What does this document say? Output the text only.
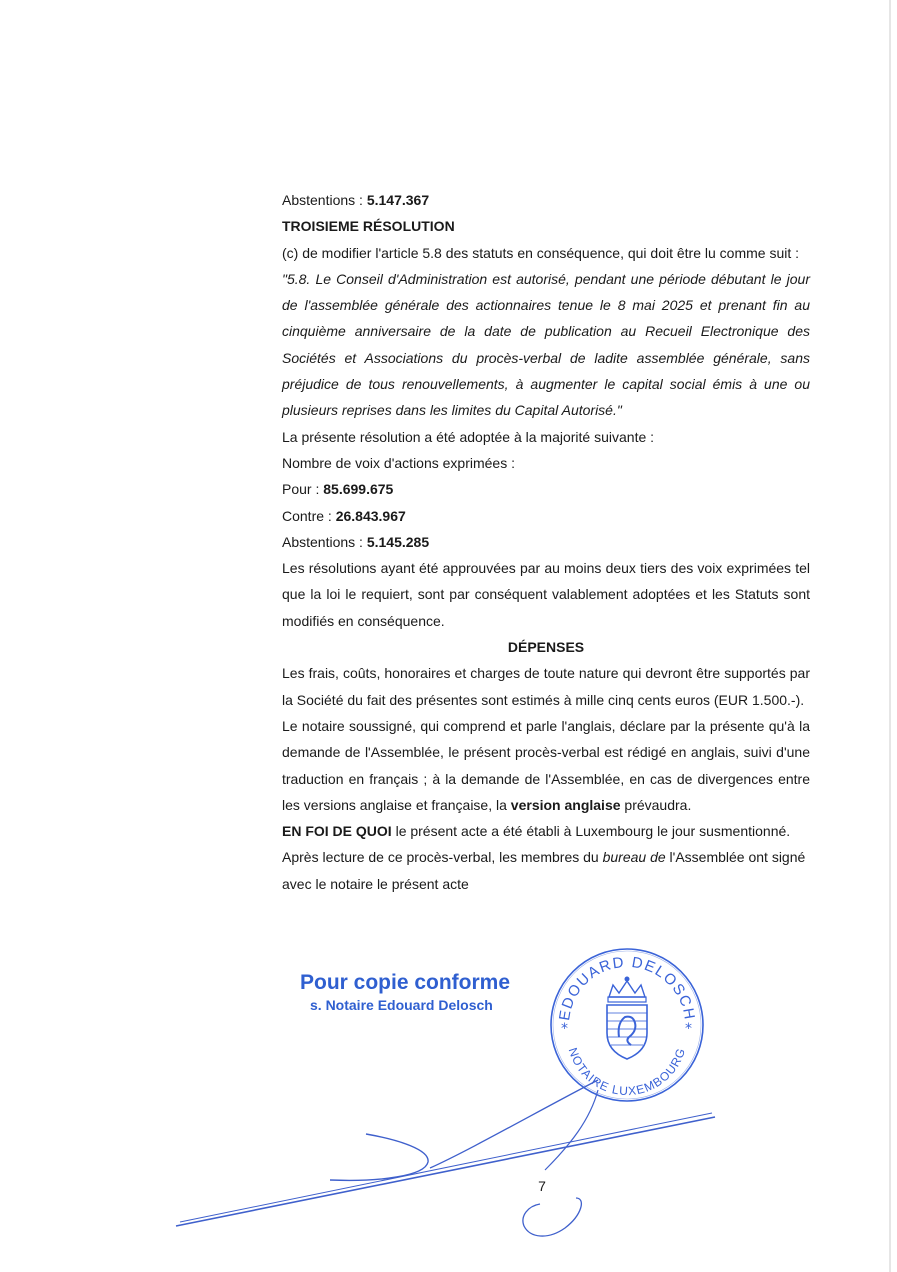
Abstentions : 5.147.367

TROISIEME RÉSOLUTION

(c) de modifier l'article 5.8 des statuts en conséquence, qui doit être lu comme suit :

"5.8. Le Conseil d'Administration est autorisé, pendant une période débutant le jour de l'assemblée générale des actionnaires tenue le 8 mai 2025 et prenant fin au cinquième anniversaire de la date de publication au Recueil Electronique des Sociétés et Associations du procès-verbal de ladite assemblée générale, sans préjudice de tous renouvellements, à augmenter le capital social émis à une ou plusieurs reprises dans les limites du Capital Autorisé."

La présente résolution a été adoptée à la majorité suivante :

Nombre de voix d'actions exprimées :

Pour : 85.699.675

Contre : 26.843.967

Abstentions : 5.145.285

Les résolutions ayant été approuvées par au moins deux tiers des voix exprimées tel que la loi le requiert, sont par conséquent valablement adoptées et les Statuts sont modifiés en conséquence.

DÉPENSES

Les frais, coûts, honoraires et charges de toute nature qui devront être supportés par la Société du fait des présentes sont estimés à mille cinq cents euros (EUR 1.500.-).

Le notaire soussigné, qui comprend et parle l'anglais, déclare par la présente qu'à la demande de l'Assemblée, le présent procès-verbal est rédigé en anglais, suivi d'une traduction en français ; à la demande de l'Assemblée, en cas de divergences entre les versions anglaise et française, la version anglaise prévaudra.

EN FOI DE QUOI le présent acte a été établi à Luxembourg le jour susmentionné.

Après lecture de ce procès-verbal, les membres du bureau de l'Assemblée ont signé avec le notaire le présent acte

Pour copie conforme
s. Notaire Edouard Delosch
EDOUARD DELOSCH
NOTAIRE LUXEMBOURG
*	*
7
